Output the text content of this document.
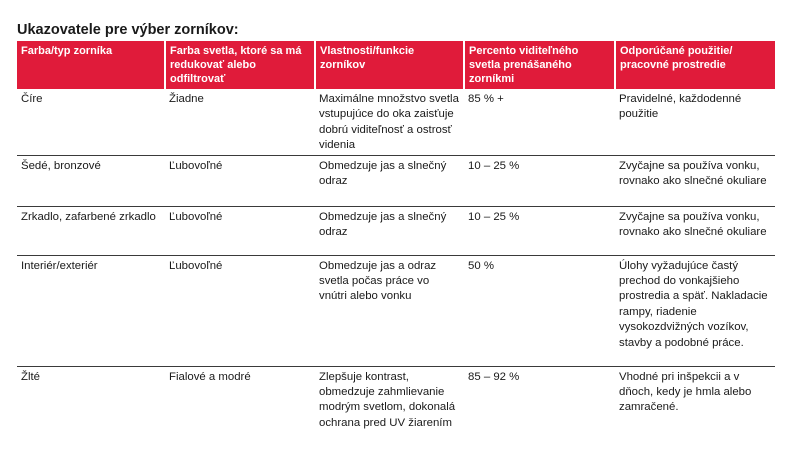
Ukazovatele pre výber zorníkov:
Farba/typ zorníka	Farba svetla, ktoré sa má redukovať alebo odfiltrovať	Vlastnosti/funkcie zorníkov	Percento viditeľného svetla prenášaného zorníkmi	Odporúčané použitie/ pracovné prostredie
Číre	Žiadne	Maximálne množstvo svetla vstupujúce do oka zaisťuje dobrú viditeľnosť a ostrosť videnia	85 % +	Pravidelné, každodenné použitie
Šedé, bronzové	Ľubovoľné	Obmedzuje jas a slnečný odraz	10 – 25 %	Zvyčajne sa používa vonku, rovnako ako slnečné okuliare
Zrkadlo, zafarbené zrkadlo	Ľubovoľné	Obmedzuje jas a slnečný odraz	10 – 25 %	Zvyčajne sa používa vonku, rovnako ako slnečné okuliare
Interiér/exteriér	Ľubovoľné	Obmedzuje jas a odraz svetla počas práce vo vnútri alebo vonku	50 %	Úlohy vyžadujúce častý prechod do vonkajšieho prostredia a späť. Nakladacie rampy, riadenie vysokozdvižných vozíkov, stavby a podobné práce.
Žlté	Fialové a modré	Zlepšuje kontrast, obmedzuje zahmlievanie modrým svetlom, dokonalá ochrana pred UV žiarením	85 – 92 %	Vhodné pri inšpekcii a v dňoch, kedy je hmla alebo zamračené.
